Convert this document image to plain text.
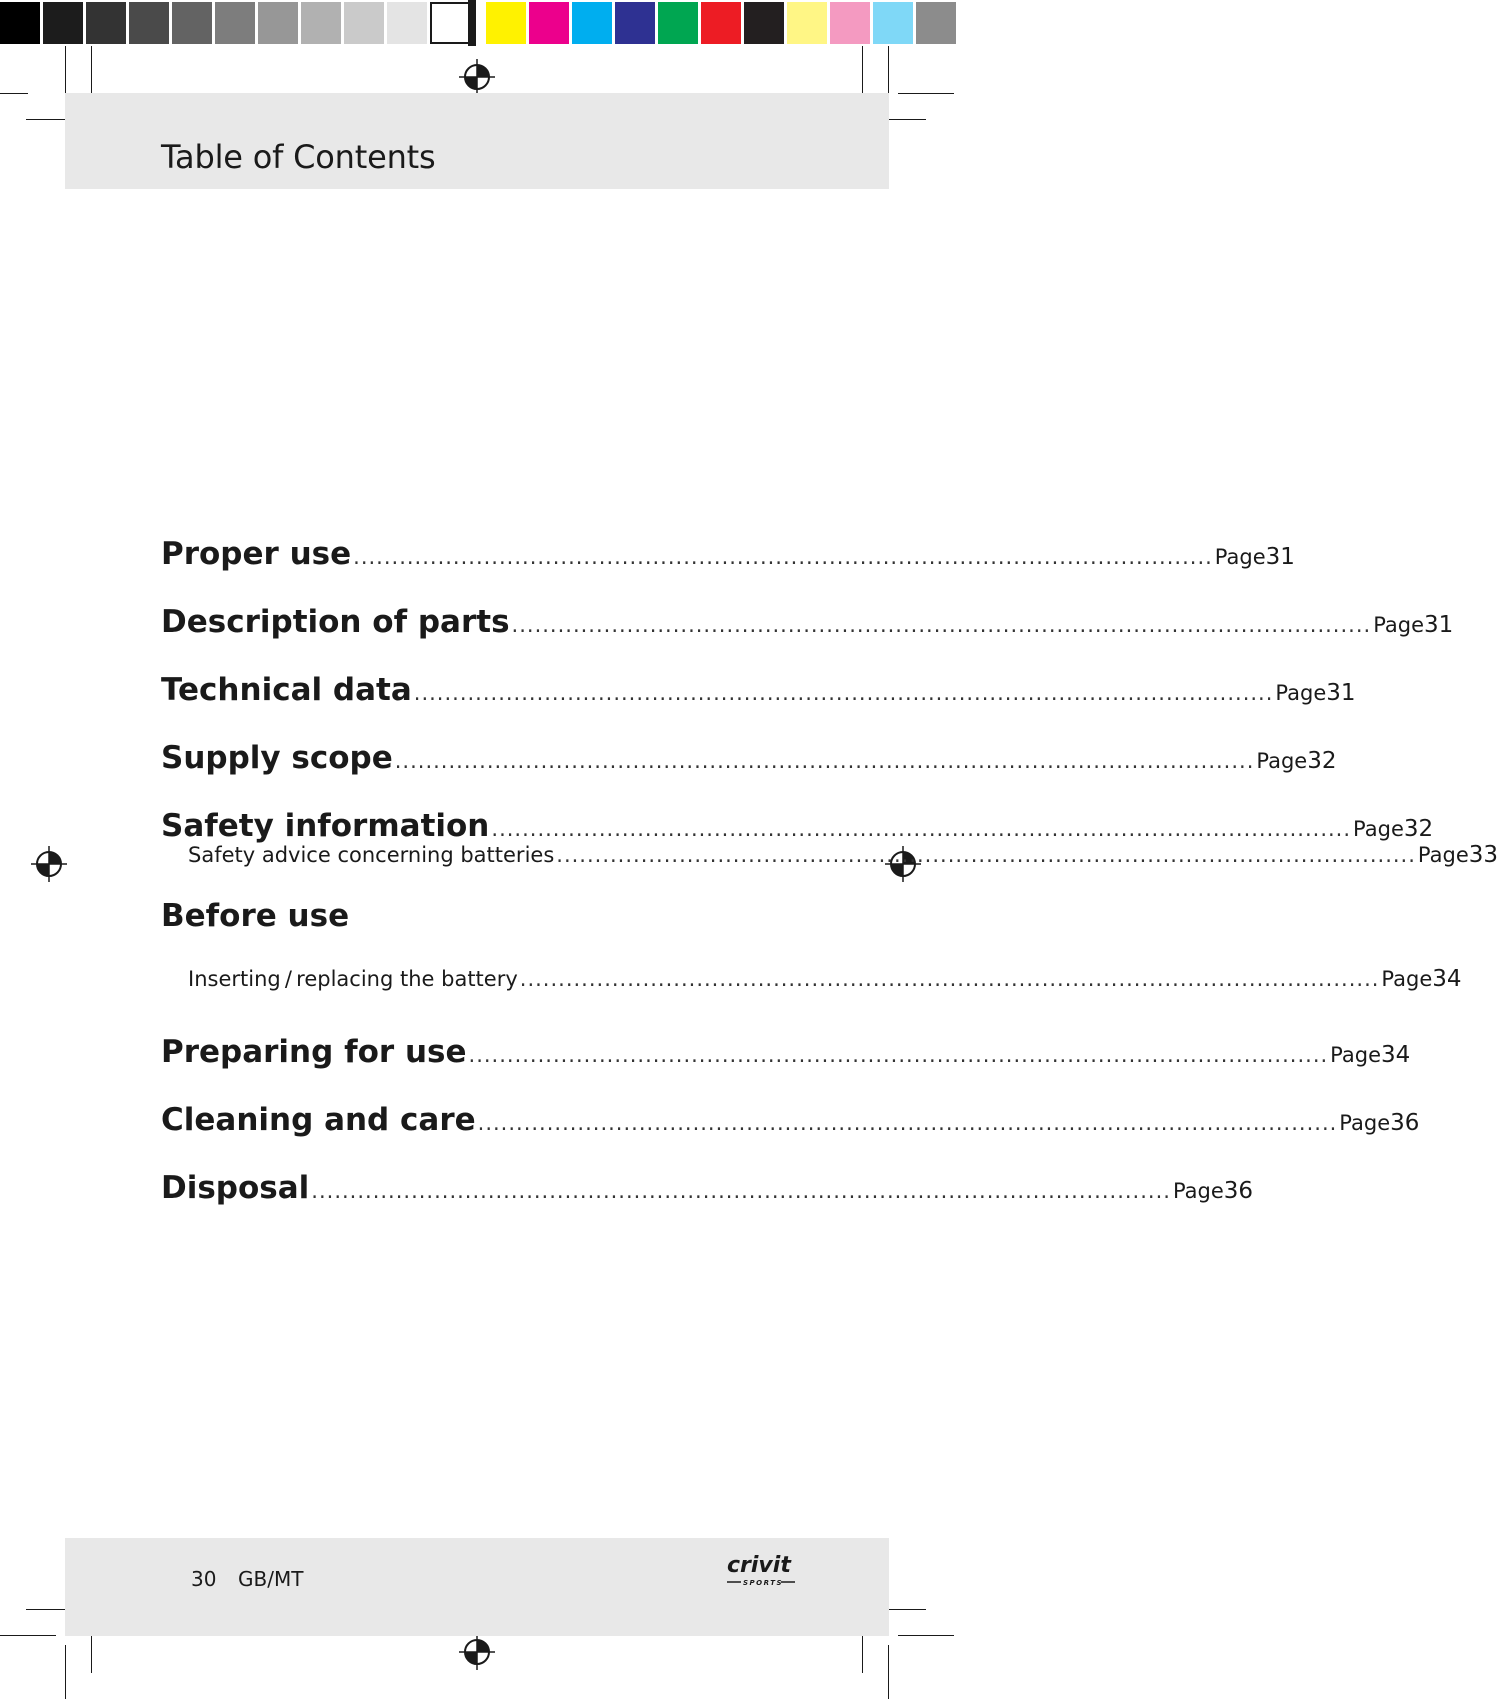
Table of Contents
Proper use ................................................................................................................ Page 31
Description of parts ................................................................................................................ Page 31
Technical data ................................................................................................................ Page 31
Supply scope ................................................................................................................ Page 32
Safety information ................................................................................................................ Page 32
Safety advice concerning batteries ................................................................................................................ Page 33
Before use
Inserting / replacing the battery ................................................................................................................ Page 34
Preparing for use ................................................................................................................ Page 34
Cleaning and care ................................................................................................................ Page 36
Disposal ................................................................................................................ Page 36
30 GB/MT
crivit
SPORTS
